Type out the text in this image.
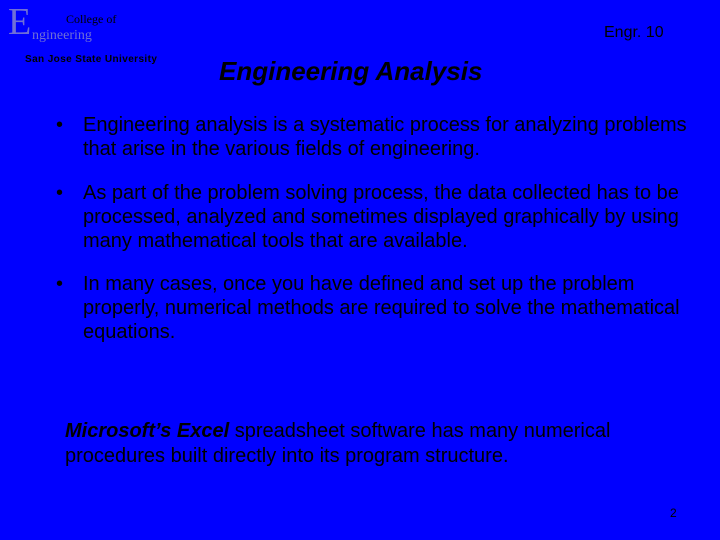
E	College of
ngineering
San Jose State University
Engr. 10
Engineering Analysis
• Engineering analysis is a systematic process for analyzing problems that arise in the various fields of engineering.
• As part of the problem solving process, the data collected has to be processed, analyzed and sometimes displayed graphically by using many mathematical tools that are available.
• In many cases, once you have defined and set up the problem properly, numerical methods are required to solve the mathematical equations.
Microsoft’s Excel spreadsheet software has many numerical procedures built directly into its program structure.
2
